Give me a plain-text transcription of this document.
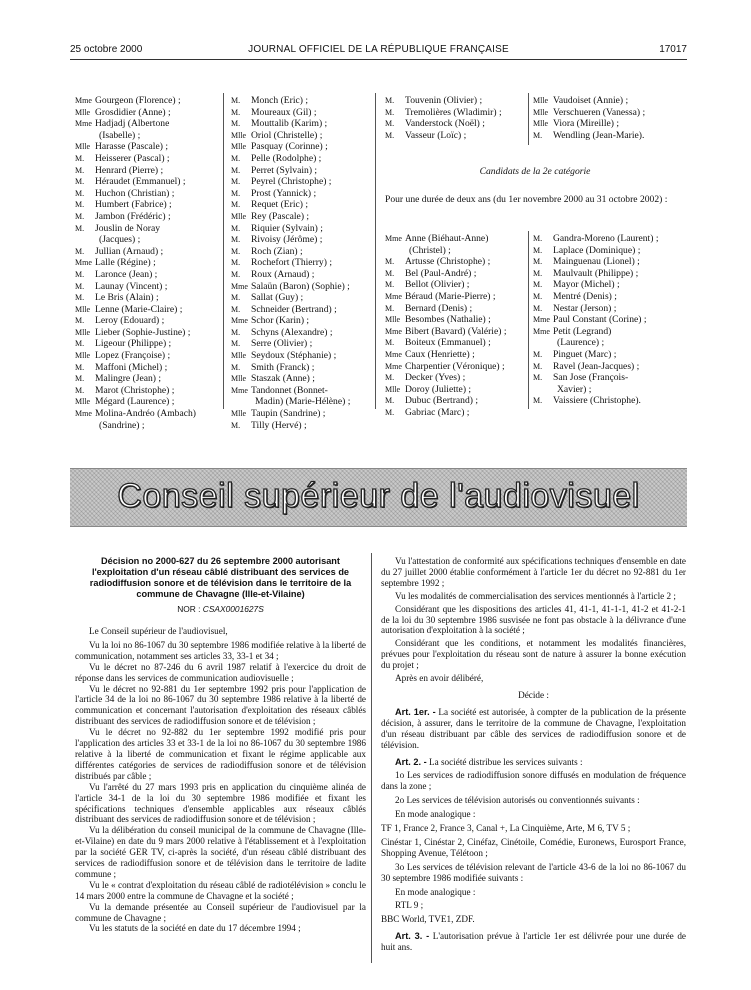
25 octobre 2000	JOURNAL OFFICIEL DE LA RÉPUBLIQUE FRANÇAISE	17017
Mme Gourgeon (Florence) ;
Mlle Grosdidier (Anne) ;
Mme Hadjadj (Albertone
(Isabelle) ;
Mlle Harasse (Pascale) ;
M. Heisserer (Pascal) ;
M. Henrard (Pierre) ;
M. Héraudet (Emmanuel) ;
M. Huchon (Christian) ;
M. Humbert (Fabrice) ;
M. Jambon (Frédéric) ;
M. Jouslin de Noray
(Jacques) ;
M. Jullian (Arnaud) ;
Mme Lalle (Régine) ;
M. Laronce (Jean) ;
M. Launay (Vincent) ;
M. Le Bris (Alain) ;
Mlle Lenne (Marie-Claire) ;
M. Leroy (Edouard) ;
Mlle Lieber (Sophie-Justine) ;
M. Ligeour (Philippe) ;
Mlle Lopez (Françoise) ;
M. Maffoni (Michel) ;
M. Malingre (Jean) ;
M. Marot (Christophe) ;
Mlle Mégard (Laurence) ;
Mme Molina-Andréo (Ambach)
(Sandrine) ;
M. Monch (Eric) ;
M. Moureaux (Gil) ;
M. Mouttalib (Karim) ;
Mlle Oriol (Christelle) ;
Mlle Pasquay (Corinne) ;
M. Pelle (Rodolphe) ;
M. Perret (Sylvain) ;
M. Peyrel (Christophe) ;
M. Prost (Yannick) ;
M. Requet (Eric) ;
Mlle Rey (Pascale) ;
M. Riquier (Sylvain) ;
M. Rivoisy (Jérôme) ;
M. Roch (Zian) ;
M. Rochefort (Thierry) ;
M. Roux (Arnaud) ;
Mme Salaün (Baron) (Sophie) ;
M. Sallat (Guy) ;
M. Schneider (Bertrand) ;
Mme Schor (Karin) ;
M. Schyns (Alexandre) ;
M. Serre (Olivier) ;
Mlle Seydoux (Stéphanie) ;
M. Smith (Franck) ;
Mlle Staszak (Anne) ;
Mme Tandonnet (Bonnet-
Madin) (Marie-Hélène) ;
Mlle Taupin (Sandrine) ;
M. Tilly (Hervé) ;
M. Touvenin (Olivier) ;
M. Tremolières (Wladimir) ;
M. Vanderstock (Noël) ;
M. Vasseur (Loïc) ;
Mlle Vaudoiset (Annie) ;
Mlle Verschueren (Vanessa) ;
Mlle Viora (Mireille) ;
M. Wendling (Jean-Marie).
Candidats de la 2e catégorie
Pour une durée de deux ans (du 1er novembre 2000 au 31 octobre 2002) :
Mme Anne (Biéhaut-Anne)
(Christel) ;
M. Artusse (Christophe) ;
M. Bel (Paul-André) ;
M. Bellot (Olivier) ;
Mme Béraud (Marie-Pierre) ;
M. Bernard (Denis) ;
Mlle Besombes (Nathalie) ;
Mme Bibert (Bavard) (Valérie) ;
M. Boiteux (Emmanuel) ;
Mme Caux (Henriette) ;
Mme Charpentier (Véronique) ;
M. Decker (Yves) ;
Mlle Doroy (Juliette) ;
M. Dubuc (Bertrand) ;
M. Gabriac (Marc) ;
M. Gandra-Moreno (Laurent) ;
M. Laplace (Dominique) ;
M. Mainguenau (Lionel) ;
M. Maulvault (Philippe) ;
M. Mayor (Michel) ;
M. Mentré (Denis) ;
M. Nestar (Jerson) ;
Mme Paul Constant (Corine) ;
Mme Petit (Legrand)
(Laurence) ;
M. Pinguet (Marc) ;
M. Ravel (Jean-Jacques) ;
M. San Jose (François-
Xavier) ;
M. Vaissiere (Christophe).
Conseil supérieur de l'audiovisuel
Décision no 2000-627 du 26 septembre 2000 autorisant l'exploitation d'un réseau câblé distribuant des services de radiodiffusion sonore et de télévision dans le territoire de la commune de Chavagne (Ille-et-Vilaine)
NOR : CSAX0001627S

Le Conseil supérieur de l'audiovisuel,

Vu la loi no 86-1067 du 30 septembre 1986 modifiée relative à la liberté de communication, notamment ses articles 33, 33-1 et 34 ;

Vu le décret no 87-246 du 6 avril 1987 relatif à l'exercice du droit de réponse dans les services de communication audiovisuelle ;

Vu le décret no 92-881 du 1er septembre 1992 pris pour l'application de l'article 34 de la loi no 86-1067 du 30 septembre 1986 relative à la liberté de communication et concernant l'autorisation d'exploitation des réseaux câblés distribuant des services de radiodiffusion sonore et de télévision ;

Vu le décret no 92-882 du 1er septembre 1992 modifié pris pour l'application des articles 33 et 33-1 de la loi no 86-1067 du 30 septembre 1986 relative à la liberté de communication et fixant le régime applicable aux différentes catégories de services de radiodiffusion sonore et de télévision distribués par câble ;

Vu l'arrêté du 27 mars 1993 pris en application du cinquième alinéa de l'article 34-1 de la loi du 30 septembre 1986 modifiée et fixant les spécifications techniques d'ensemble applicables aux réseaux câblés distribuant des services de radiodiffusion sonore et de télévision ;

Vu la délibération du conseil municipal de la commune de Chavagne (Ille-et-Vilaine) en date du 9 mars 2000 relative à l'établissement et à l'exploitation par la société GER TV, ci-après la société, d'un réseau câblé distribuant des services de radiodiffusion sonore et de télévision dans le territoire de ladite commune ;

Vu le « contrat d'exploitation du réseau câblé de radiotélévision » conclu le 14 mars 2000 entre la commune de Chavagne et la société ;

Vu la demande présentée au Conseil supérieur de l'audiovisuel par la commune de Chavagne ;

Vu les statuts de la société en date du 17 décembre 1994 ;

Vu l'attestation de conformité aux spécifications techniques d'ensemble en date du 27 juillet 2000 établie conformément à l'article 1er du décret no 92-881 du 1er septembre 1992 ;

Vu les modalités de commercialisation des services mentionnés à l'article 2 ;

Considérant que les dispositions des articles 41, 41-1, 41-1-1, 41-2 et 41-2-1 de la loi du 30 septembre 1986 susvisée ne font pas obstacle à la délivrance d'une autorisation d'exploitation à la société ;

Considérant que les conditions, et notamment les modalités financières, prévues pour l'exploitation du réseau sont de nature à assurer la bonne exécution du projet ;

Après en avoir délibéré,

Décide :

Art. 1er. - La société est autorisée, à compter de la publication de la présente décision, à assurer, dans le territoire de la commune de Chavagne, l'exploitation d'un réseau distribuant par câble des services de radiodiffusion sonore et de télévision.

Art. 2. - La société distribue les services suivants :

1o Les services de radiodiffusion sonore diffusés en modulation de fréquence dans la zone ;

2o Les services de télévision autorisés ou conventionnés suivants :

En mode analogique :

TF 1, France 2, France 3, Canal +, La Cinquième, Arte, M 6, TV 5 ;

Cinéstar 1, Cinéstar 2, Cinéfaz, Cinétoile, Comédie, Euronews, Eurosport France, Shopping Avenue, Télétoon ;

3o Les services de télévision relevant de l'article 43-6 de la loi no 86-1067 du 30 septembre 1986 modifiée suivants :

En mode analogique :

RTL 9 ;

BBC World, TVE1, ZDF.

Art. 3. - L'autorisation prévue à l'article 1er est délivrée pour une durée de huit ans.
